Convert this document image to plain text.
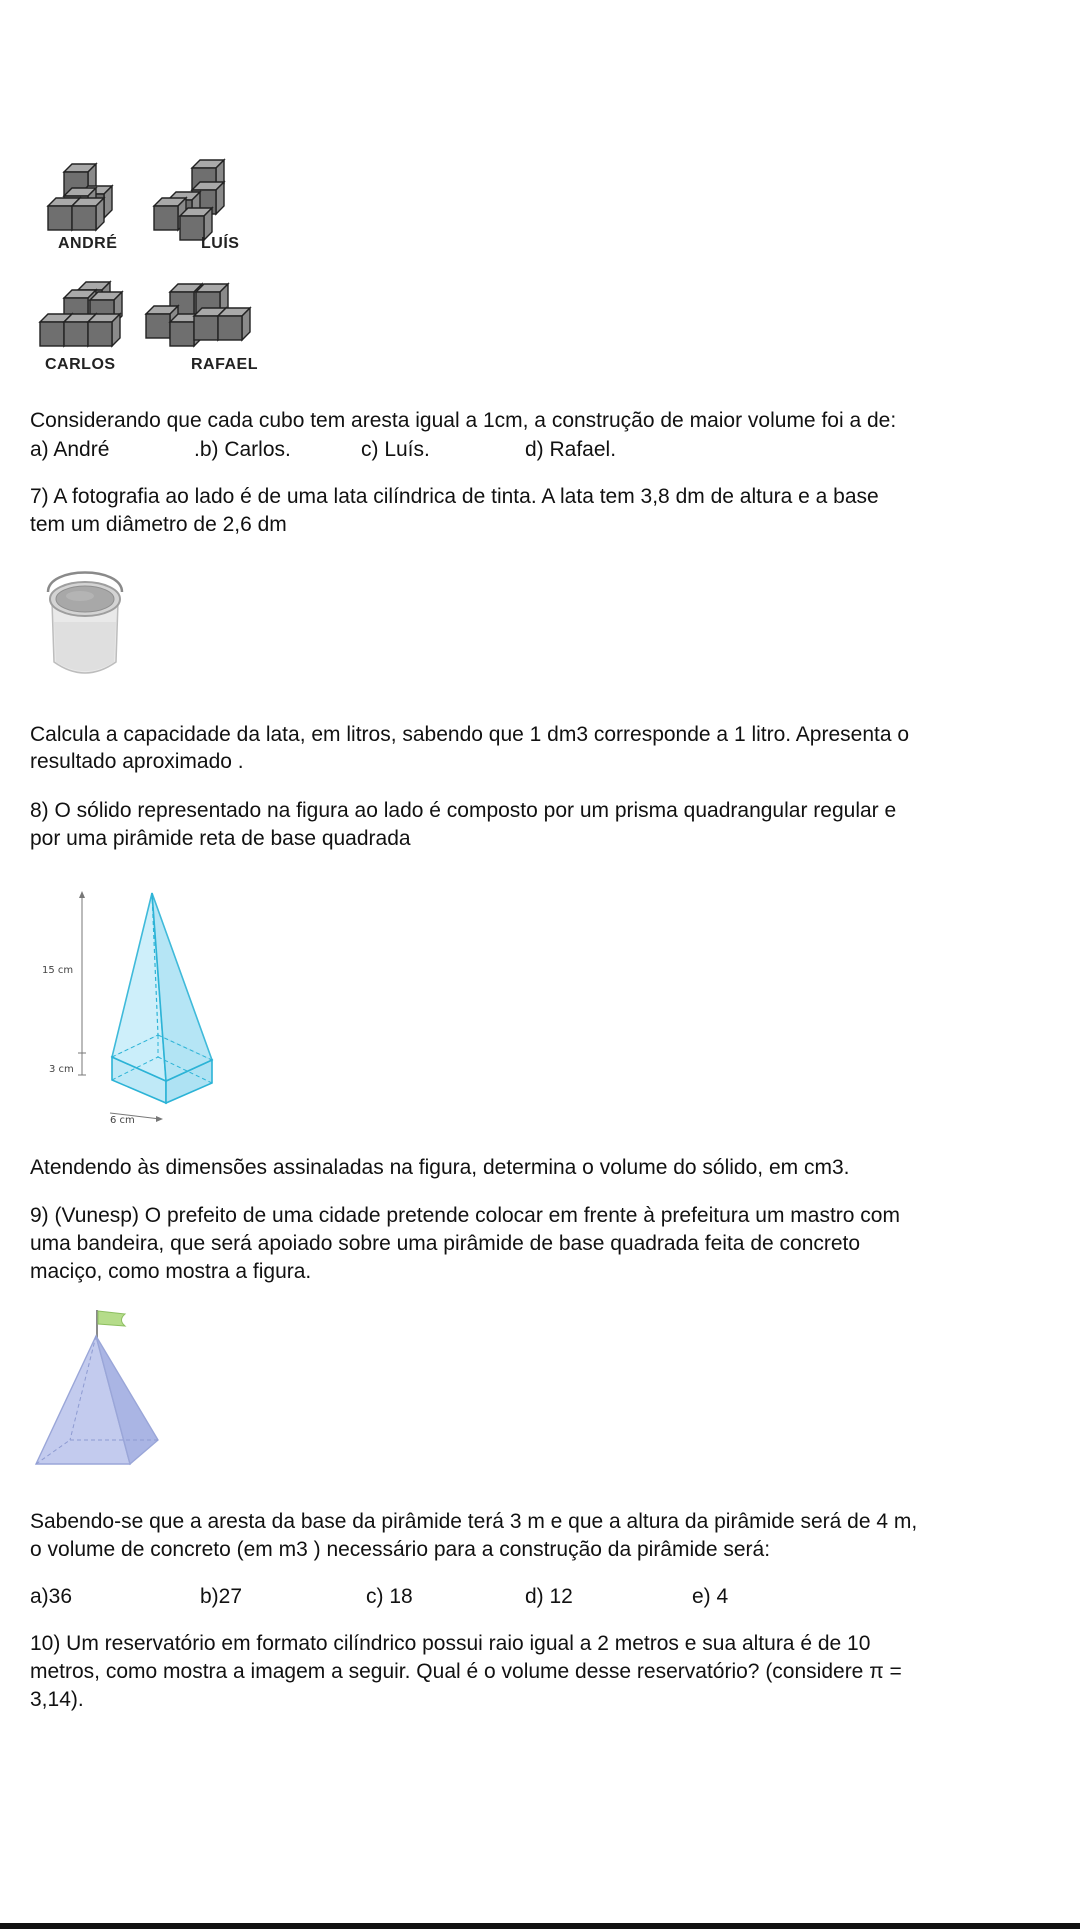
ANDRÉ	LUÍS
CARLOS	RAFAEL
Considerando que cada cubo tem aresta igual a 1cm, a construção de maior volume foi a de:
a) André	.b) Carlos.	c) Luís.	d) Rafael.
7) A fotografia ao lado é de uma lata cilíndrica de tinta. A lata tem 3,8 dm de altura e a base
tem um diâmetro de 2,6 dm
Calcula a capacidade da lata, em litros, sabendo que 1 dm3 corresponde a 1 litro. Apresenta o
resultado aproximado .
8) O sólido representado na figura ao lado é composto por um prisma quadrangular regular e
por uma pirâmide reta de base quadrada
15 cm
3 cm
6 cm
Atendendo às dimensões assinaladas na figura, determina o volume do sólido, em cm3.
9) (Vunesp) O prefeito de uma cidade pretende colocar em frente à prefeitura um mastro com
uma bandeira, que será apoiado sobre uma pirâmide de base quadrada feita de concreto
maciço, como mostra a figura.
Sabendo-se que a aresta da base da pirâmide terá 3 m e que a altura da pirâmide será de 4 m,
o volume de concreto (em m3 ) necessário para a construção da pirâmide será:
a)36	b)27	c) 18	d) 12	e) 4
10) Um reservatório em formato cilíndrico possui raio igual a 2 metros e sua altura é de 10
metros, como mostra a imagem a seguir. Qual é o volume desse reservatório? (considere π =
3,14).
